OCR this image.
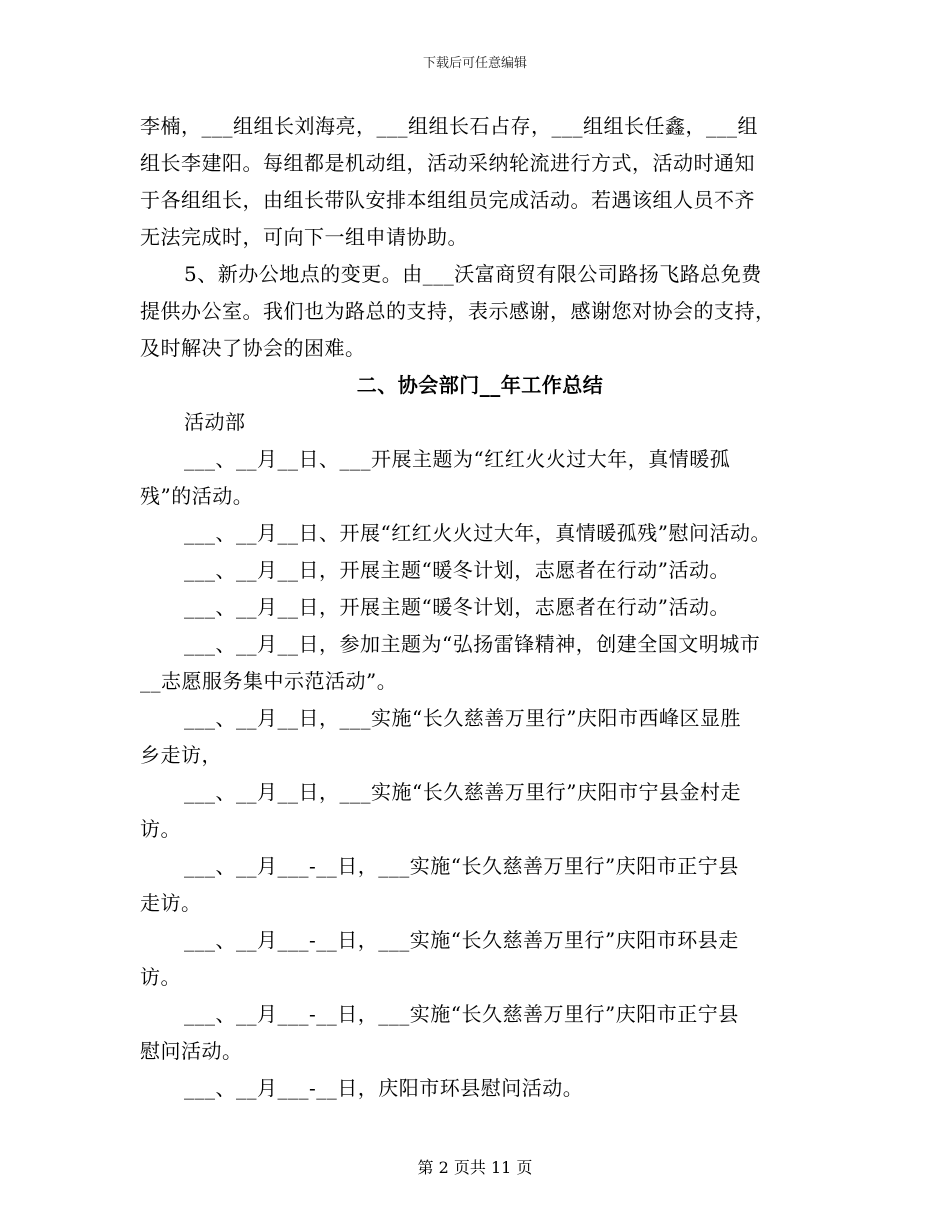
下载后可任意编辑
李楠，___组组长刘海亮，___组组长石占存，___组组长任鑫，___组
组长李建阳。每组都是机动组，活动采纳轮流进行方式，活动时通知
于各组组长，由组长带队安排本组组员完成活动。若遇该组人员不齐
无法完成时，可向下一组申请协助。
5、新办公地点的变更。由___沃富商贸有限公司路扬飞路总免费
提供办公室。我们也为路总的支持，表示感谢，感谢您对协会的支持，
及时解决了协会的困难。
二、协会部门__年工作总结
活动部
___、__月__日、___开展主题为“红红火火过大年，真情暖孤
残”的活动。
___、__月__日、开展“红红火火过大年，真情暖孤残”慰问活动。
___、__月__日，开展主题“暖冬计划，志愿者在行动”活动。
___、__月__日，开展主题“暖冬计划，志愿者在行动”活动。
___、__月__日，参加主题为“弘扬雷锋精神，创建全国文明城市
__志愿服务集中示范活动”。
___、__月__日，___实施“长久慈善万里行”庆阳市西峰区显胜
乡走访，
___、__月__日，___实施“长久慈善万里行”庆阳市宁县金村走
访。
___、__月___-__日，___实施“长久慈善万里行”庆阳市正宁县
走访。
___、__月___-__日，___实施“长久慈善万里行”庆阳市环县走
访。
___、__月___-__日，___实施“长久慈善万里行”庆阳市正宁县
慰问活动。
___、__月___-__日，庆阳市环县慰问活动。
第 2 页共 11 页
